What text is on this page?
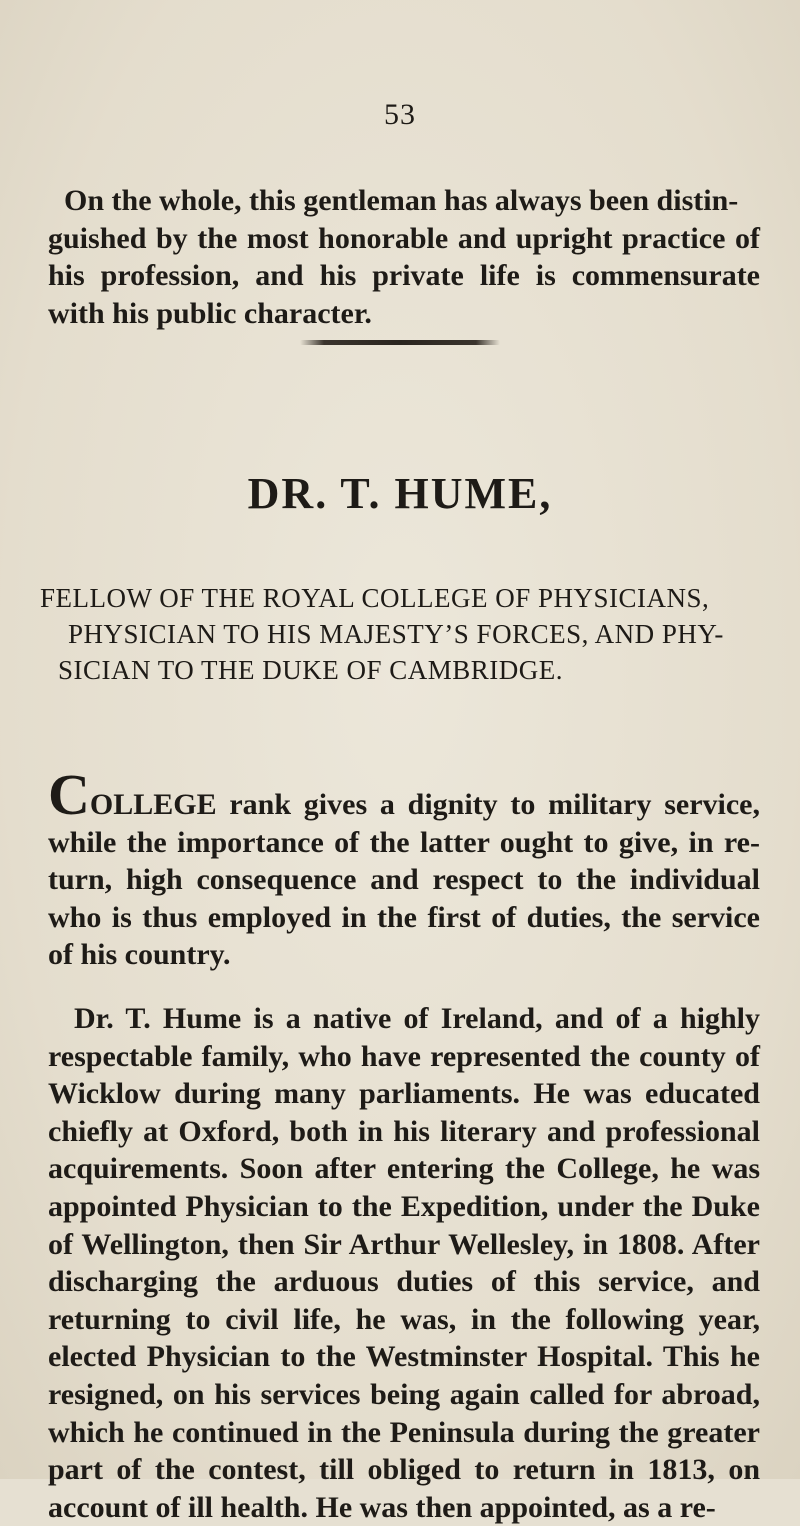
53

On the whole, this gentleman has always been distin-
guished by the most honorable and upright practice of his profession, and his private life is commensurate with his public character.

DR. T. HUME,

FELLOW OF THE ROYAL COLLEGE OF PHYSICIANS,
PHYSICIAN TO HIS MAJESTY’S FORCES, AND PHY-
SICIAN TO THE DUKE OF CAMBRIDGE.

COLLEGE rank gives a dignity to military service, while the importance of the latter ought to give, in re-turn, high consequence and respect to the individual who is thus employed in the first of duties, the service of his country.

Dr. T. Hume is a native of Ireland, and of a highly respectable family, who have represented the county of Wicklow during many parliaments. He was educated chiefly at Oxford, both in his literary and professional acquirements. Soon after entering the College, he was appointed Physician to the Expedition, under the Duke of Wellington, then Sir Arthur Wellesley, in 1808. After discharging the arduous duties of this service, and returning to civil life, he was, in the following year, elected Physician to the Westminster Hospital. This he resigned, on his services being again called for abroad, which he continued in the Peninsula during the greater part of the contest, till obliged to return in 1813, on account of ill health. He was then appointed, as a re-
